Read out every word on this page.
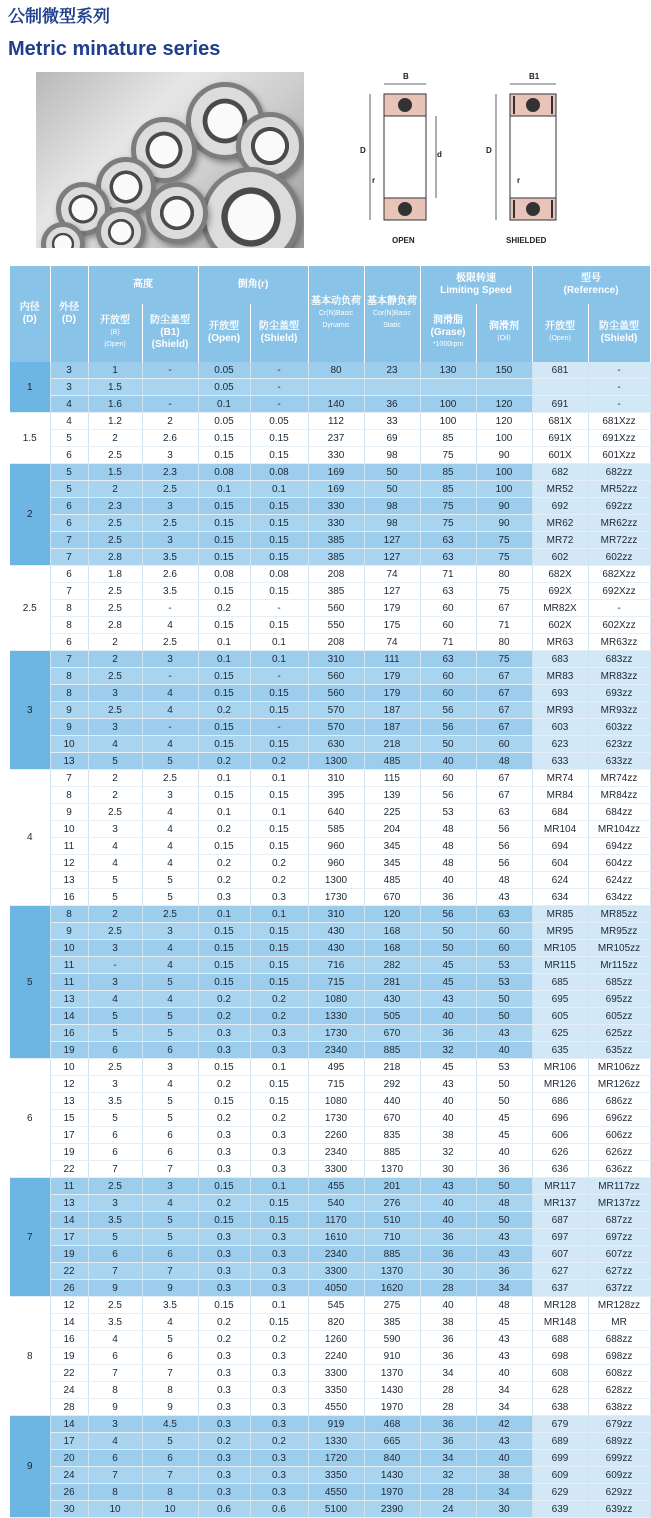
公制微型系列
Metric minature series
B
D	d
r
OPEN
B1
D
r
SHIELDED
内径
(D)	外径
(D)	高度		倒角(r)		基本动负荷

Cr(N)Basic Dynamic	基本静负荷

Cor(N)Basic Static	极限转速
Limiting Speed		型号
(Reference)	
		开放型

(B)
(Open)	防尘盖型
(B1)
(Shield)	开放型
(Open)	防尘盖型
(Shield)			润滑脂
(Grase)

*1000rpm	润滑剂

(Oil)	开放型

(Open)	防尘盖型
(Shield)
1	3	1	-	0.05	-	80	23	130	150	681	-
	3	1.5		0.05	-						-
	4	1.6	-	0.1	-	140	36	100	120	691	-
1.5	4	1.2	2	0.05	0.05	112	33	100	120	681X	681Xzz
	5	2	2.6	0.15	0.15	237	69	85	100	691X	691Xzz
	6	2.5	3	0.15	0.15	330	98	75	90	601X	601Xzz
2	5	1.5	2.3	0.08	0.08	169	50	85	100	682	682zz
	5	2	2.5	0.1	0.1	169	50	85	100	MR52	MR52zz
	6	2.3	3	0.15	0.15	330	98	75	90	692	692zz
	6	2.5	2.5	0.15	0.15	330	98	75	90	MR62	MR62zz
	7	2.5	3	0.15	0.15	385	127	63	75	MR72	MR72zz
	7	2.8	3.5	0.15	0.15	385	127	63	75	602	602zz
2.5	6	1.8	2.6	0.08	0.08	208	74	71	80	682X	682Xzz
	7	2.5	3.5	0.15	0.15	385	127	63	75	692X	692Xzz
	8	2.5	-	0.2	-	560	179	60	67	MR82X	-
	8	2.8	4	0.15	0.15	550	175	60	71	602X	602Xzz
	6	2	2.5	0.1	0.1	208	74	71	80	MR63	MR63zz
3	7	2	3	0.1	0.1	310	111	63	75	683	683zz
	8	2.5	-	0.15	-	560	179	60	67	MR83	MR83zz
	8	3	4	0.15	0.15	560	179	60	67	693	693zz
	9	2.5	4	0.2	0.15	570	187	56	67	MR93	MR93zz
	9	3	-	0.15	-	570	187	56	67	603	603zz
	10	4	4	0.15	0.15	630	218	50	60	623	623zz
	13	5	5	0.2	0.2	1300	485	40	48	633	633zz
4	7	2	2.5	0.1	0.1	310	115	60	67	MR74	MR74zz
	8	2	3	0.15	0.15	395	139	56	67	MR84	MR84zz
	9	2.5	4	0.1	0.1	640	225	53	63	684	684zz
	10	3	4	0.2	0.15	585	204	48	56	MR104	MR104zz
	11	4	4	0.15	0.15	960	345	48	56	694	694zz
	12	4	4	0.2	0.2	960	345	48	56	604	604zz
	13	5	5	0.2	0.2	1300	485	40	48	624	624zz
	16	5	5	0.3	0.3	1730	670	36	43	634	634zz
5	8	2	2.5	0.1	0.1	310	120	56	63	MR85	MR85zz
	9	2.5	3	0.15	0.15	430	168	50	60	MR95	MR95zz
	10	3	4	0.15	0.15	430	168	50	60	MR105	MR105zz
	11	-	4	0.15	0.15	716	282	45	53	MR115	Mr115zz
	11	3	5	0.15	0.15	715	281	45	53	685	685zz
	13	4	4	0.2	0.2	1080	430	43	50	695	695zz
	14	5	5	0.2	0.2	1330	505	40	50	605	605zz
	16	5	5	0.3	0.3	1730	670	36	43	625	625zz
	19	6	6	0.3	0.3	2340	885	32	40	635	635zz
6	10	2.5	3	0.15	0.1	495	218	45	53	MR106	MR106zz
	12	3	4	0.2	0.15	715	292	43	50	MR126	MR126zz
	13	3.5	5	0.15	0.15	1080	440	40	50	686	686zz
	15	5	5	0.2	0.2	1730	670	40	45	696	696zz
	17	6	6	0.3	0.3	2260	835	38	45	606	606zz
	19	6	6	0.3	0.3	2340	885	32	40	626	626zz
	22	7	7	0.3	0.3	3300	1370	30	36	636	636zz
7	11	2.5	3	0.15	0.1	455	201	43	50	MR117	MR117zz
	13	3	4	0.2	0.15	540	276	40	48	MR137	MR137zz
	14	3.5	5	0.15	0.15	1170	510	40	50	687	687zz
	17	5	5	0.3	0.3	1610	710	36	43	697	697zz
	19	6	6	0.3	0.3	2340	885	36	43	607	607zz
	22	7	7	0.3	0.3	3300	1370	30	36	627	627zz
	26	9	9	0.3	0.3	4050	1620	28	34	637	637zz
8	12	2.5	3.5	0.15	0.1	545	275	40	48	MR128	MR128zz
	14	3.5	4	0.2	0.15	820	385	38	45	MR148	MR
	16	4	5	0.2	0.2	1260	590	36	43	688	688zz
	19	6	6	0.3	0.3	2240	910	36	43	698	698zz
	22	7	7	0.3	0.3	3300	1370	34	40	608	608zz
	24	8	8	0.3	0.3	3350	1430	28	34	628	628zz
	28	9	9	0.3	0.3	4550	1970	28	34	638	638zz
9	14	3	4.5	0.3	0.3	919	468	36	42	679	679zz
	17	4	5	0.2	0.2	1330	665	36	43	689	689zz
	20	6	6	0.3	0.3	1720	840	34	40	699	699zz
	24	7	7	0.3	0.3	3350	1430	32	38	609	609zz
	26	8	8	0.3	0.3	4550	1970	28	34	629	629zz
	30	10	10	0.6	0.6	5100	2390	24	30	639	639zz
